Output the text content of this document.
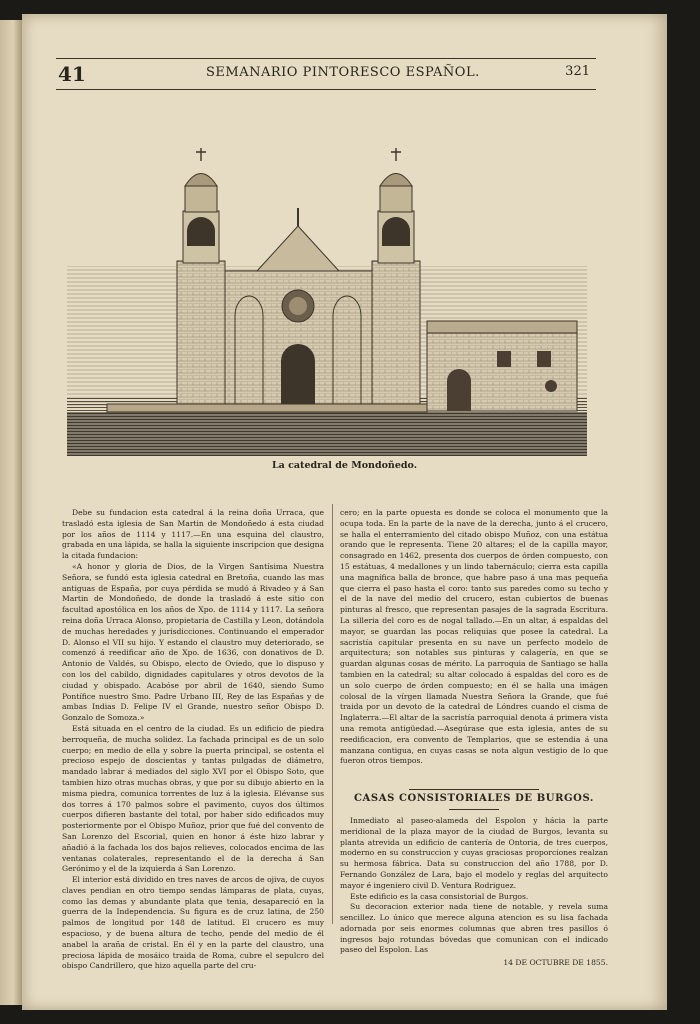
41	SEMANARIO PINTORESCO ESPAÑOL.	321
La catedral de Mondoñedo.

Debe su fundacion esta catedral á la reina doña Urraca, que trasladó esta iglesia de San Martin de Mondoñedo á esta ciudad por los años de 1114 y 1117.—En una esquina del claustro, grabada en una lápida, se halla la siguiente inscripcion que designa la citada fundacion:

«A honor y gloria de Dios, de la Virgen Santísima Nuestra Señora, se fundó esta iglesia catedral en Bretoña, cuando las mas antiguas de España, por cuya pérdida se mudó á Rivadeo y á San Martin de Mondoñedo, de donde la trasladó á este sitio con facultad apostólica en los años de Xpo. de 1114 y 1117. La señora reina doña Urraca Alonso, propietaria de Castilla y Leon, dotándola de muchas heredades y jurisdicciones. Continuando el emperador D. Alonso el VII su hijo. Y estando el claustro muy deteriorado, se comenzó á reedificar año de Xpo. de 1636, con donativos de D. Antonio de Valdés, su Obispo, electo de Oviedo, que lo dispuso y con los del cabildo, dignidades capitulares y otros devotos de la ciudad y obispado. Acabóse por abril de 1640, siendo Sumo Pontífice nuestro Smo. Padre Urbano III, Rey de las Españas y de ambas Indias D. Felipe IV el Grande, nuestro señor Obispo D. Gonzalo de Somoza.»

Está situada en el centro de la ciudad. Es un edificio de piedra berroqueña, de mucha solidez. La fachada principal es de un solo cuerpo; en medio de ella y sobre la puerta principal, se ostenta el precioso espejo de doscientas y tantas pulgadas de diámetro, mandado labrar á mediados del siglo XVI por el Obispo Soto, que tambien hizo otras muchas obras, y que por su dibujo abierto en la misma piedra, comunica torrentes de luz á la iglesia. Elévanse sus dos torres á 170 palmos sobre el pavimento, cuyos dos últimos cuerpos difieren bastante del total, por haber sido edificados muy posteriormente por el Obispo Muñoz, prior que fué del convento de San Lorenzo del Escorial, quien en honor á éste hizo labrar y añadió á la fachada los dos bajos relieves, colocados encima de las ventanas colaterales, representando el de la derecha á San Gerónimo y el de la izquierda á San Lorenzo.

El interior está dividido en tres naves de arcos de ojiva, de cuyos claves pendian en otro tiempo sendas lámparas de plata, cuyas, como las demas y abundante plata que tenia, desapareció en la guerra de la Independencia. Su figura es de cruz latina, de 250 palmos de longitud por 148 de latitud. El crucero es muy espacioso, y de buena altura de techo, pende del medio de él anabel la araña de cristal. En él y en la parte del claustro, una preciosa lápida de mosáico traida de Roma, cubre el sepulcro del obispo Candrillero, que hizo aquella parte del cru-

cero; en la parte opuesta es donde se coloca el monumento que la ocupa toda. En la parte de la nave de la derecha, junto á el crucero, se halla el enterramiento del citado obispo Muñoz, con una estátua orando que le representa. Tiene 20 altares; el de la capilla mayor, consagrado en 1462, presenta dos cuerpos de órden compuesto, con 15 estátuas, 4 medallones y un lindo tabernáculo; cierra esta capilla una magnífica balla de bronce, que habre paso á una mas pequeña que cierra el paso hasta el coro: tanto sus paredes como su techo y el de la nave del medio del crucero, estan cubiertos de buenas pinturas al fresco, que representan pasajes de la sagrada Escritura. La silleria del coro es de nogal tallado.—En un altar, á espaldas del mayor, se guardan las pocas reliquias que posee la catedral. La sacristía capitular presenta en su nave un perfecto modelo de arquitectura; son notables sus pinturas y calagería, en que se guardan algunas cosas de mérito. La parroquia de Santiago se halla tambien en la catedral; su altar colocado á espaldas del coro es de un solo cuerpo de órden compuesto; en él se halla una imágen colosal de la vírgen llamada Nuestra Señora la Grande, que fué traida por un devoto de la catedral de Lóndres cuando el cisma de Inglaterra.—El altar de la sacristía parroquial denota á primera vista una remota antigüedad.—Asegúrase que esta iglesia, antes de su reedificacion, era convento de Templarios, que se estendia á una manzana contigua, en cuyas casas se nota algun vestigio de lo que fueron otros tiempos.

CASAS CONSISTORIALES DE BURGOS.

Inmediato al paseo-alameda del Espolon y hácia la parte meridional de la plaza mayor de la ciudad de Burgos, levanta su planta atrevida un edificio de cantería de Ontoria, de tres cuerpos, moderno en su construccion y cuyas graciosas proporciones realzan su hermosa fábrica. Data su construccion del año 1788, por D. Fernando González de Lara, bajo el modelo y reglas del arquitecto mayor é ingeniero civil D. Ventura Rodriguez.

Este edificio es la casa consistorial de Burgos.

Su decoracion exterior nada tiene de notable, y revela suma sencillez. Lo único que merece alguna atencion es su lisa fachada adornada por seis enormes columnas que abren tres pasillos ó ingresos bajo rotundas bóvedas que comunican con el indicado paseo del Espolon. Las

14 DE OCTUBRE DE 1855.
